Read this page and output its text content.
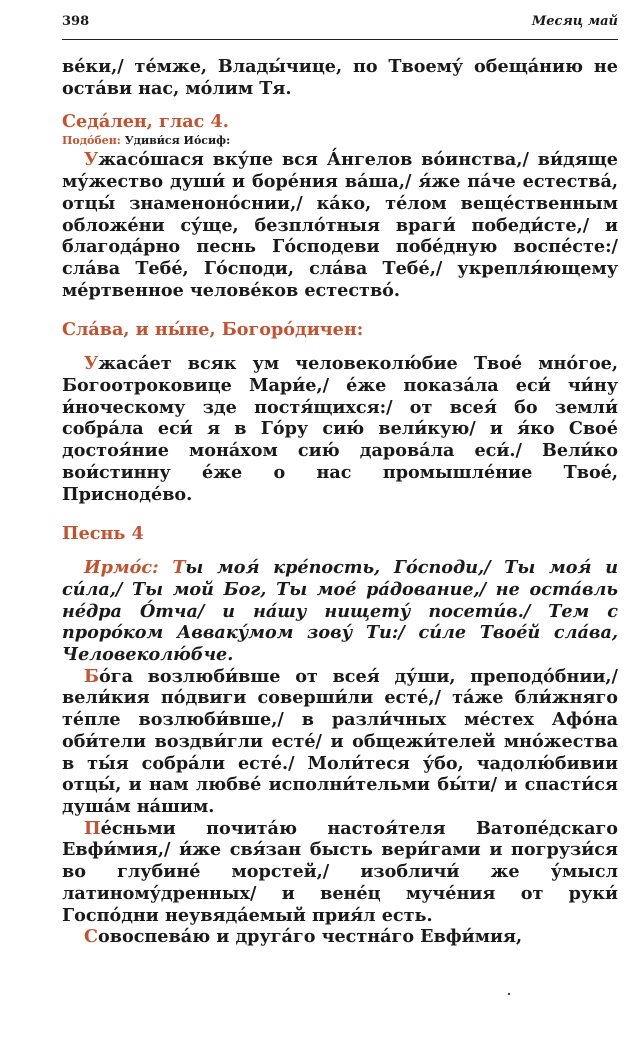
398	Месяц май

ве́ки,/ те́мже, Влады́чице, по Твоему́ обеща́нию не оста́ви нас, мо́лим Тя.

Седа́лен, глас 4.

Подо́бен: Удиви́ся Ио́сиф:

Ужасо́шася вку́пе вся А́нгелов во́инства,/ ви́дяще му́жество души́ и боре́ния ва́ша,/ я́же па́че естества́, отцы́ знаменоно́снии,/ ка́ко, те́лом веще́ственным обложе́ни су́ще, безпло́тныя враги́ победи́сте,/ и благода́рно песнь Го́сподеви побе́дную воспе́сте:/ сла́ва Тебе́, Го́споди, сла́ва Тебе́,/ укрепля́ющему ме́ртвенное челове́ков естество́.

Сла́ва, и ны́не, Богоро́дичен:

Ужаса́ет всяк ум человеколю́бие Твое́ мно́гое, Богоотроковице Мари́е,/ е́же показа́ла еси́ чи́ну и́ноческому зде постя́щихся:/ от всея́ бо земли́ собра́ла еси́ я в Го́ру сию́ вели́кую/ и я́ко Свое́ достоя́ние мона́хом сию́ дарова́ла еси́./ Вели́ко вои́стинну е́же о нас промышле́ние Твое́, Присноде́во.

Песнь 4

Ирмо́с: Ты моя́ кре́пость, Го́споди,/ Ты моя́ и си́ла,/ Ты мой Бог, Ты мое́ ра́дование,/ не оста́вль не́дра О́тча/ и на́шу нищету́ посети́в./ Тем с проро́ком Авваку́мом зову́ Ти:/ си́ле Твое́й сла́ва, Человеколю́бче.

Бо́га возлюби́вше от всея́ ду́ши, преподо́бнии,/ вели́кия по́двиги соверши́ли есте́,/ та́же бли́жняго те́пле возлюби́вше,/ в разли́чных ме́стех Афо́на оби́тели воздви́гли есте́/ и общежи́телей мно́жества в ты́я собра́ли есте́./ Моли́теся у́бо, чадолю́бивии отцы́, и нам любве́ исполни́тельми бы́ти/ и спасти́ся душа́м на́шим.

Пе́сньми почита́ю настоя́теля Ватопе́дскаго Евфи́мия,/ и́же свя́зан бысть вери́гами и погрузи́ся во глубине́ морстей,/ изобличи́ же у́мысл латиному́дренных/ и вене́ц муче́ния от руки́ Госпо́дни неувяда́емый прия́л есть.

Совоспева́ю и друга́го честна́го Евфи́мия,
